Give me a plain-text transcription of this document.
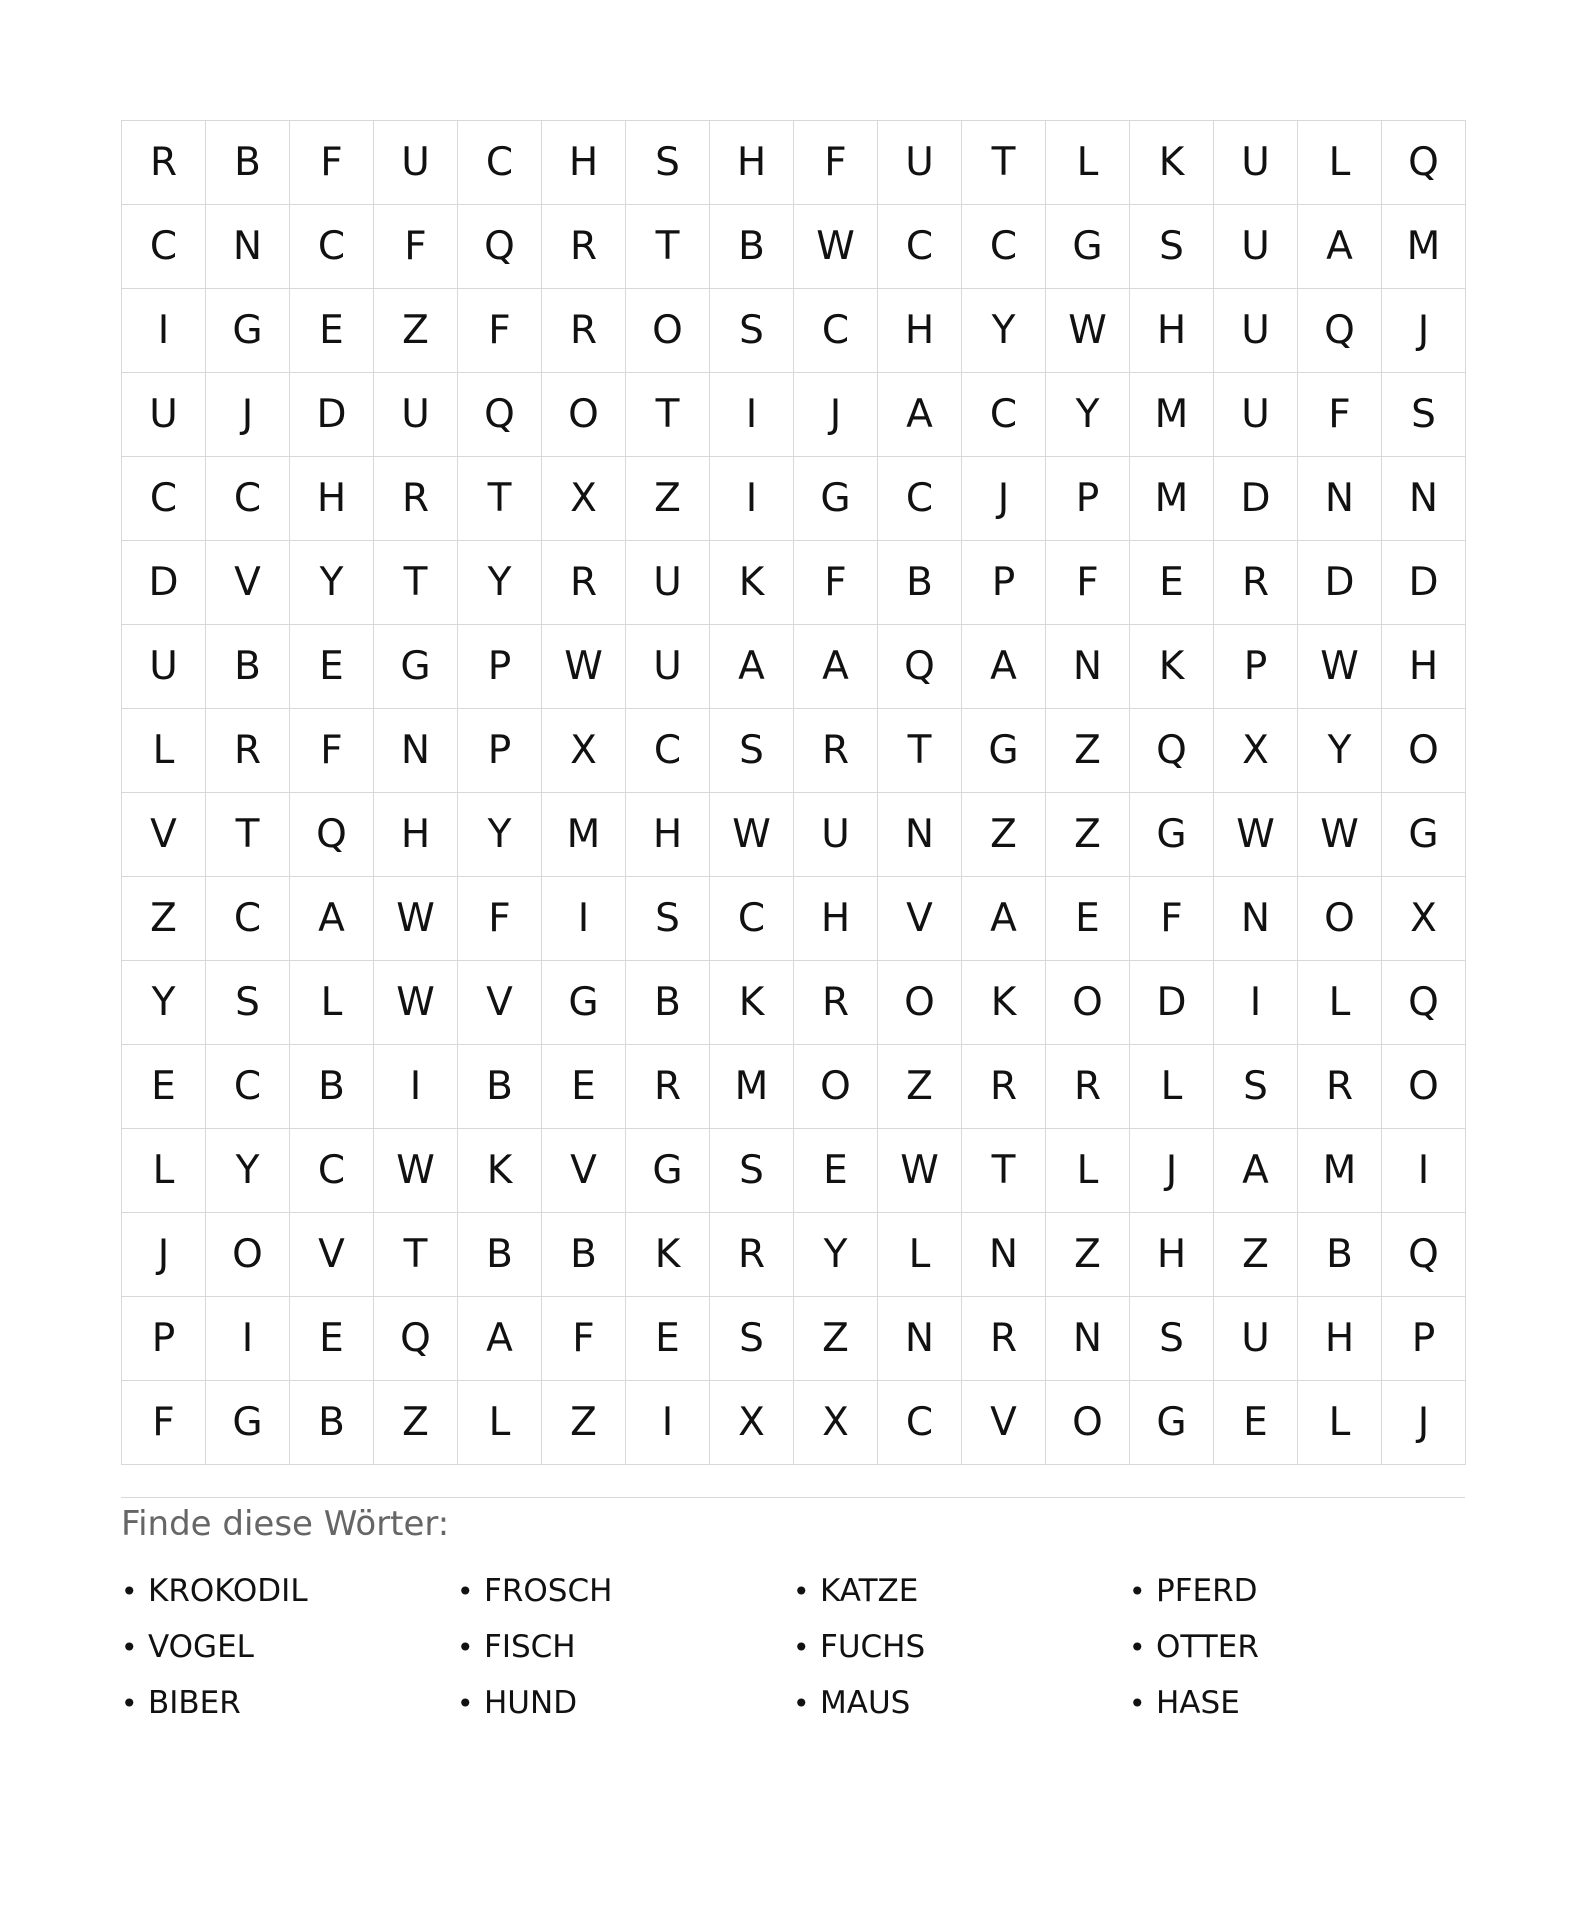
R	B	F	U	C	H	S	H	F	U	T	L	K	U	L	Q
C	N	C	F	Q	R	T	B	W	C	C	G	S	U	A	M
I	G	E	Z	F	R	O	S	C	H	Y	W	H	U	Q	J
U	J	D	U	Q	O	T	I	J	A	C	Y	M	U	F	S
C	C	H	R	T	X	Z	I	G	C	J	P	M	D	N	N
D	V	Y	T	Y	R	U	K	F	B	P	F	E	R	D	D
U	B	E	G	P	W	U	A	A	Q	A	N	K	P	W	H
L	R	F	N	P	X	C	S	R	T	G	Z	Q	X	Y	O
V	T	Q	H	Y	M	H	W	U	N	Z	Z	G	W	W	G
Z	C	A	W	F	I	S	C	H	V	A	E	F	N	O	X
Y	S	L	W	V	G	B	K	R	O	K	O	D	I	L	Q
E	C	B	I	B	E	R	M	O	Z	R	R	L	S	R	O
L	Y	C	W	K	V	G	S	E	W	T	L	J	A	M	I
J	O	V	T	B	B	K	R	Y	L	N	Z	H	Z	B	Q
P	I	E	Q	A	F	E	S	Z	N	R	N	S	U	H	P
F	G	B	Z	L	Z	I	X	X	C	V	O	G	E	L	J
Finde diese Wörter:
• KROKODIL	• FROSCH	• KATZE	• PFERD
• VOGEL	• FISCH	• FUCHS	• OTTER
• BIBER	• HUND	• MAUS	• HASE
